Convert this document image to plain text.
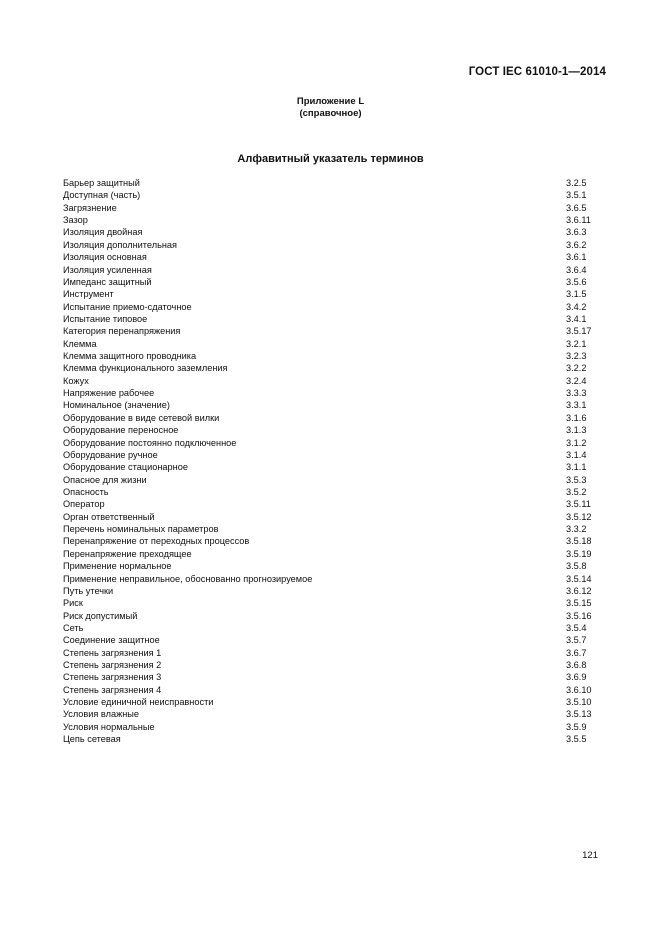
ГОСТ IEC 61010-1—2014
Приложение L
(справочное)
Алфавитный указатель терминов
Барьер защитный	3.2.5
Доступная (часть)	3.5.1
Загрязнение	3.6.5
Зазор	3.6.11
Изоляция двойная	3.6.3
Изоляция дополнительная	3.6.2
Изоляция основная	3.6.1
Изоляция усиленная	3.6.4
Импеданс защитный	3.5.6
Инструмент	3.1.5
Испытание приемо-сдаточное	3.4.2
Испытание типовое	3.4.1
Категория перенапряжения	3.5.17
Клемма	3.2.1
Клемма защитного проводника	3.2.3
Клемма функционального заземления	3.2.2
Кожух	3.2.4
Напряжение рабочее	3.3.3
Номинальное (значение)	3.3.1
Оборудование в виде сетевой вилки	3.1.6
Оборудование переносное	3.1.3
Оборудование постоянно подключенное	3.1.2
Оборудование ручное	3.1.4
Оборудование стационарное	3.1.1
Опасное для жизни	3.5.3
Опасность	3.5.2
Оператор	3.5.11
Орган ответственный	3.5.12
Перечень номинальных параметров	3.3.2
Перенапряжение от переходных процессов	3.5.18
Перенапряжение преходящее	3.5.19
Применение нормальное	3.5.8
Применение неправильное, обоснованно прогнозируемое	3.5.14
Путь утечки	3.6.12
Риск	3.5.15
Риск допустимый	3.5.16
Сеть	3.5.4
Соединение защитное	3.5.7
Степень загрязнения 1	3.6.7
Степень загрязнения 2	3.6.8
Степень загрязнения 3	3.6.9
Степень загрязнения 4	3.6.10
Условие единичной неисправности	3.5.10
Условия влажные	3.5.13
Условия нормальные	3.5.9
Цепь сетевая	3.5.5
121
